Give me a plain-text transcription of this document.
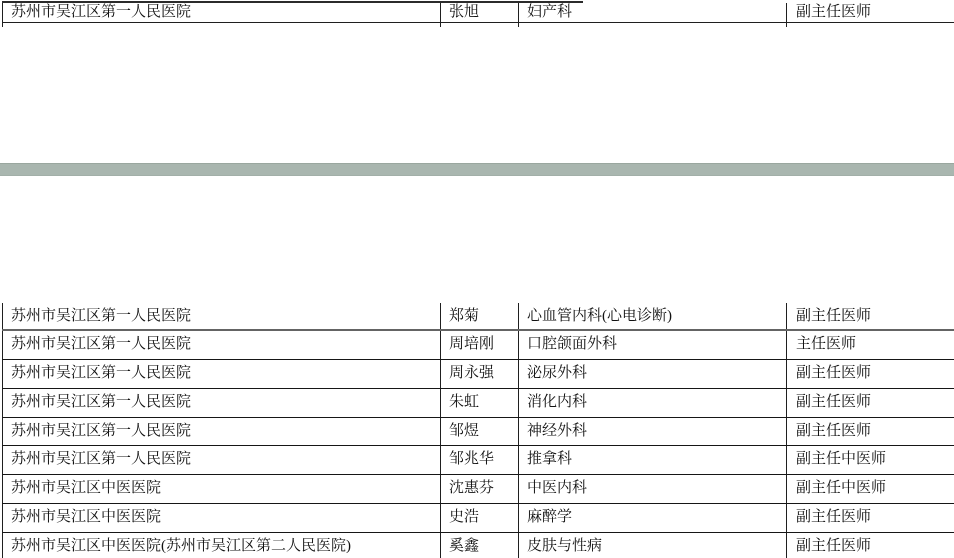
苏州市吴江区第一人民医院	张旭	妇产科	副主任医师
苏州市吴江区第一人民医院	郑菊	心血管内科(心电诊断)	副主任医师
苏州市吴江区第一人民医院	周培刚	口腔颌面外科	主任医师
苏州市吴江区第一人民医院	周永强	泌尿外科	副主任医师
苏州市吴江区第一人民医院	朱虹	消化内科	副主任医师
苏州市吴江区第一人民医院	邹煜	神经外科	副主任医师
苏州市吴江区第一人民医院	邹兆华	推拿科	副主任中医师
苏州市吴江区中医医院	沈惠芬	中医内科	副主任中医师
苏州市吴江区中医医院	史浩	麻醉学	副主任医师
苏州市吴江区中医医院(苏州市吴江区第二人民医院)	奚鑫	皮肤与性病	副主任医师
